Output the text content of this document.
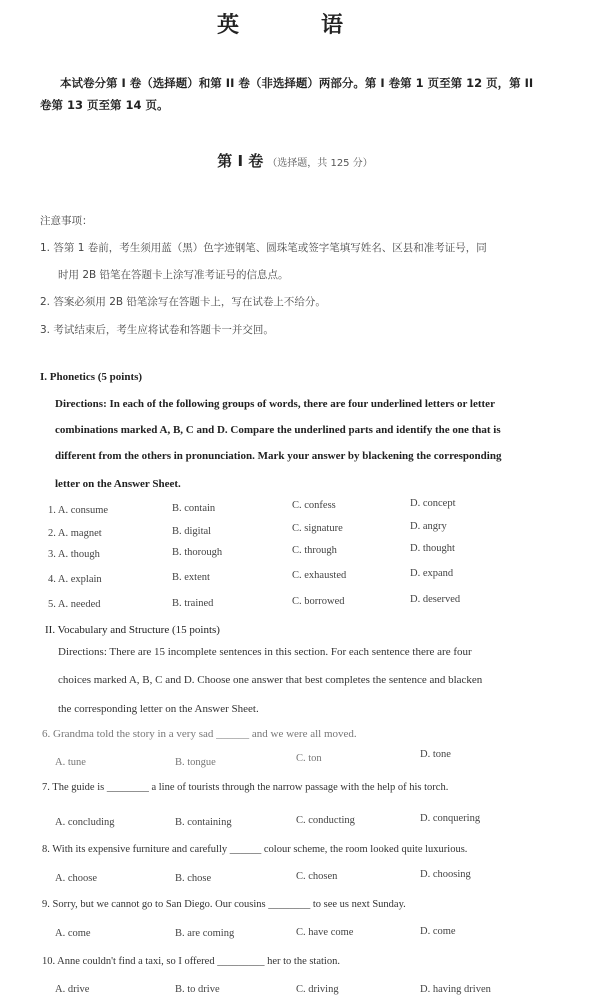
英　语
本试卷分第 I 卷（选择题）和第 II 卷（非选择题）两部分。第 I 卷第 1 页至第 12 页，第 II
卷第 13 页至第 14 页。
第 I 卷 （选择题，共 125 分）
注意事项：
1. 答第 1 卷前，考生须用蓝（黑）色字迹钢笔、圆珠笔或签字笔填写姓名、区县和准考证号，同
时用 2B 铅笔在答题卡上涂写准考证号的信息点。
2. 答案必须用 2B 铅笔涂写在答题卡上，写在试卷上不给分。
3. 考试结束后，考生应将试卷和答题卡一并交回。
I. Phonetics (5 points)
Directions: In each of the following groups of words, there are four underlined letters or letter
combinations marked A, B, C and D. Compare the underlined parts and identify the one that is
different from the others in pronunciation. Mark your answer by blackening the corresponding
letter on the Answer Sheet.
1. A. consume	B. contain	C. confess	D. concept
2. A. magnet	B. digital	C. signature	D. angry
3. A. though	B. thorough	C. through	D. thought
4. A. explain	B. extent	C. exhausted	D. expand
5. A. needed	B. trained	C. borrowed	D. deserved
II. Vocabulary and Structure (15 points)
Directions: There are 15 incomplete sentences in this section. For each sentence there are four
choices marked A, B, C and D. Choose one answer that best completes the sentence and blacken
the corresponding letter on the Answer Sheet.
6. Grandma told the story in a very sad ______ and we were all moved.
A. tune	B. tongue	C. ton	D. tone
7. The guide is ________ a line of tourists through the narrow passage with the help of his torch.
A. concluding	B. containing	C. conducting	D. conquering
8. With its expensive furniture and carefully ______ colour scheme, the room looked quite luxurious.
A. choose	B. chose	C. chosen	D. choosing
9. Sorry, but we cannot go to San Diego. Our cousins ________ to see us next Sunday.
A. come	B. are coming	C. have come	D. come
10. Anne couldn't find a taxi, so I offered _________ her to the station.
A. drive	B. to drive	C. driving	D. having driven
